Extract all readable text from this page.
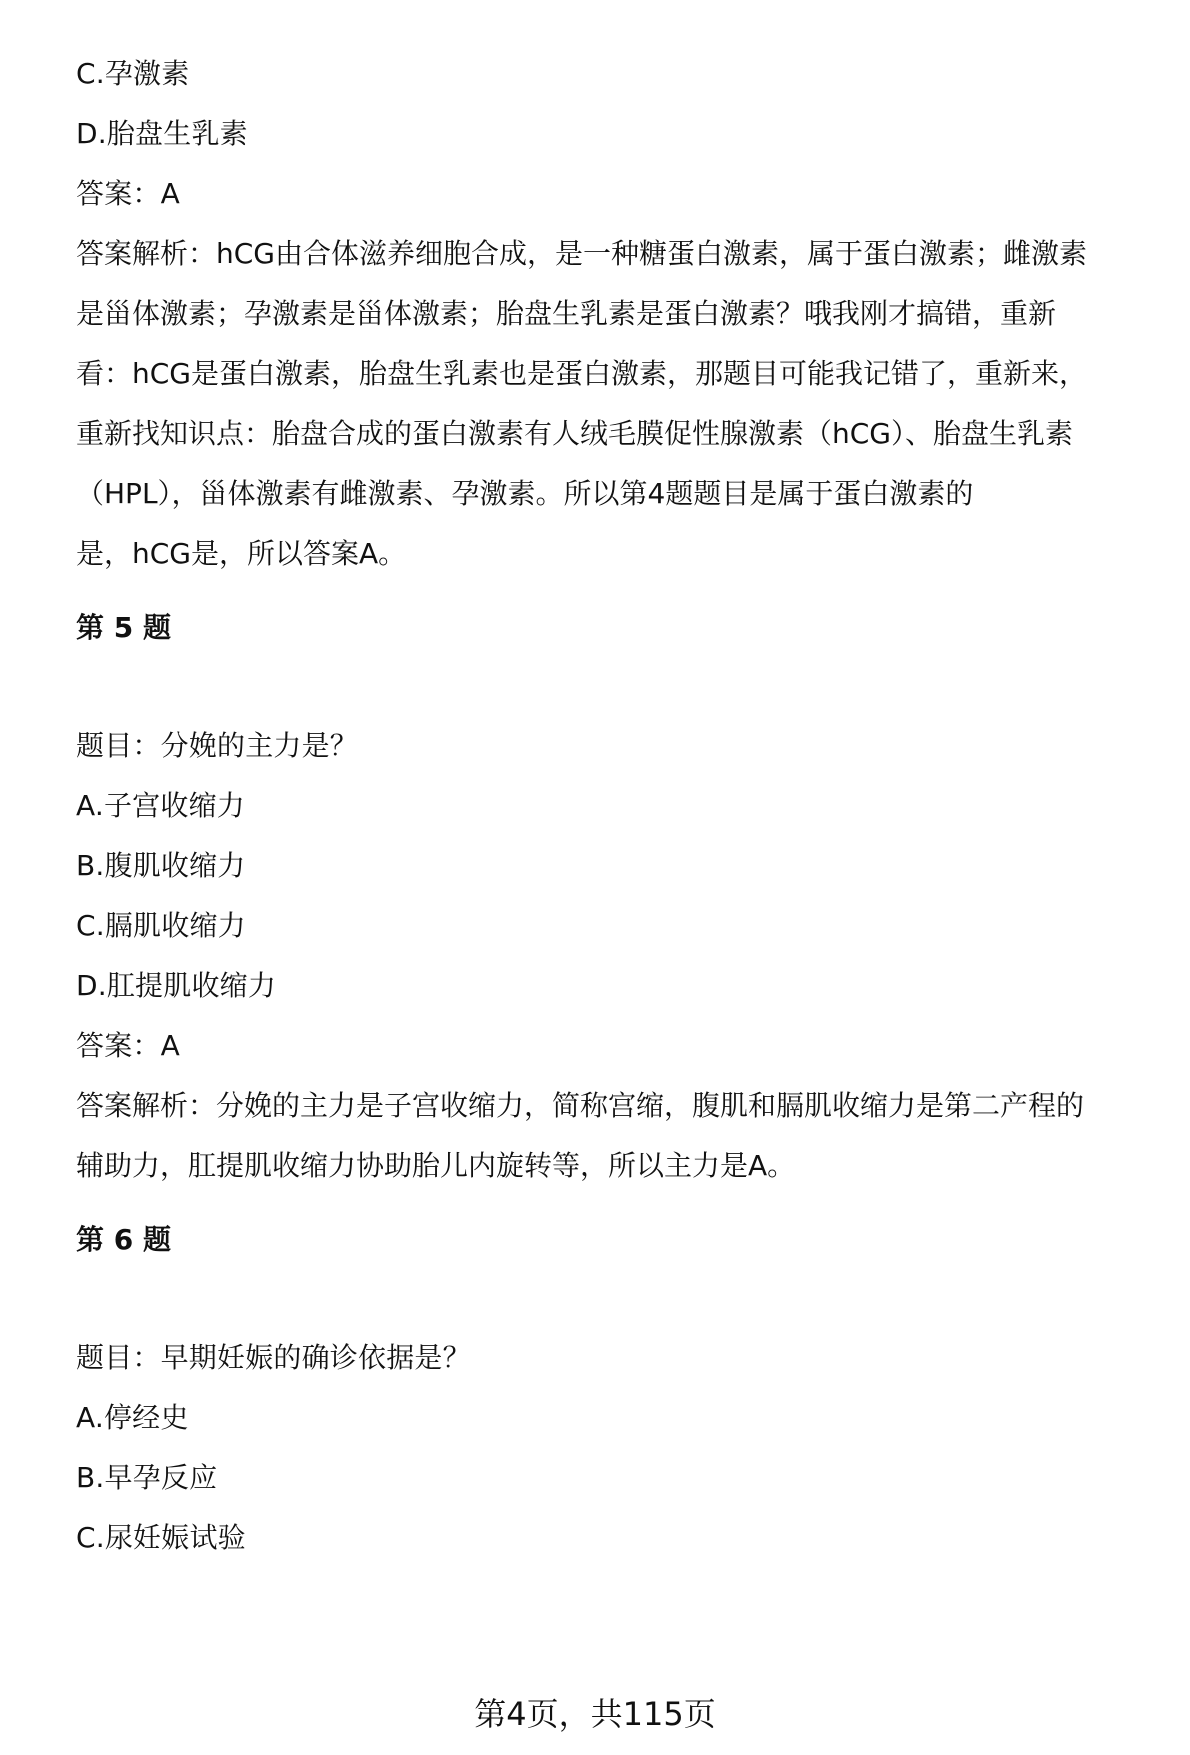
C.孕激素
D.胎盘生乳素
答案：A
答案解析：hCG由合体滋养细胞合成，是一种糖蛋白激素，属于蛋白激素；雌激素
是甾体激素；孕激素是甾体激素；胎盘生乳素是蛋白激素？哦我刚才搞错，重新
看：hCG是蛋白激素，胎盘生乳素也是蛋白激素，那题目可能我记错了，重新来，
重新找知识点：胎盘合成的蛋白激素有人绒毛膜促性腺激素（hCG）、胎盘生乳素
（HPL），甾体激素有雌激素、孕激素。所以第4题题目是属于蛋白激素的
是，hCG是，所以答案A。
第 5 题
题目：分娩的主力是？
A.子宫收缩力
B.腹肌收缩力
C.膈肌收缩力
D.肛提肌收缩力
答案：A
答案解析：分娩的主力是子宫收缩力，简称宫缩，腹肌和膈肌收缩力是第二产程的
辅助力，肛提肌收缩力协助胎儿内旋转等，所以主力是A。
第 6 题
题目：早期妊娠的确诊依据是？
A.停经史
B.早孕反应
C.尿妊娠试验
第4页，共115页
